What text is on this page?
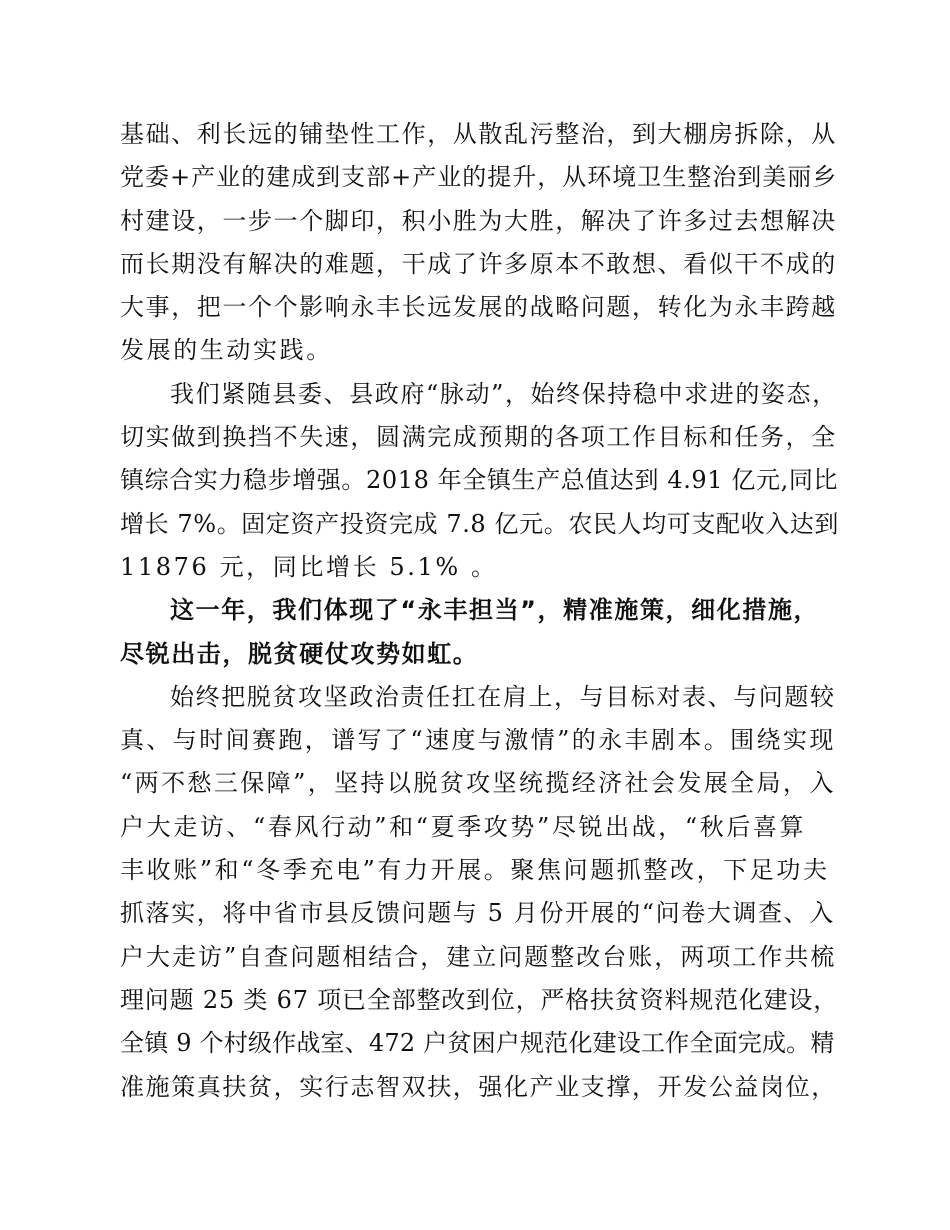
基础、利长远的铺垫性工作，从散乱污整治，到大棚房拆除，从
党委+产业的建成到支部+产业的提升，从环境卫生整治到美丽乡
村建设，一步一个脚印，积小胜为大胜，解决了许多过去想解决
而长期没有解决的难题，干成了许多原本不敢想、看似干不成的
大事，把一个个影响永丰长远发展的战略问题，转化为永丰跨越
发展的生动实践。
我们紧随县委、县政府“脉动”，始终保持稳中求进的姿态，
切实做到换挡不失速，圆满完成预期的各项工作目标和任务，全
镇综合实力稳步增强。2018 年全镇生产总值达到 4.91 亿元,同比
增长 7%。固定资产投资完成 7.8 亿元。农民人均可支配收入达到
11876 元，同比增长 5.1% 。
这一年，我们体现了“永丰担当”，精准施策，细化措施，
尽锐出击，脱贫硬仗攻势如虹。
始终把脱贫攻坚政治责任扛在肩上，与目标对表、与问题较
真、与时间赛跑，谱写了“速度与激情”的永丰剧本。围绕实现
“两不愁三保障”，坚持以脱贫攻坚统揽经济社会发展全局，入
户大走访、“春风行动”和“夏季攻势”尽锐出战，“秋后喜算
丰收账”和“冬季充电”有力开展。聚焦问题抓整改，下足功夫
抓落实，将中省市县反馈问题与 5 月份开展的“问卷大调查、入
户大走访”自查问题相结合，建立问题整改台账，两项工作共梳
理问题 25 类 67 项已全部整改到位，严格扶贫资料规范化建设，
全镇 9 个村级作战室、472 户贫困户规范化建设工作全面完成。精
准施策真扶贫，实行志智双扶，强化产业支撑，开发公益岗位，
